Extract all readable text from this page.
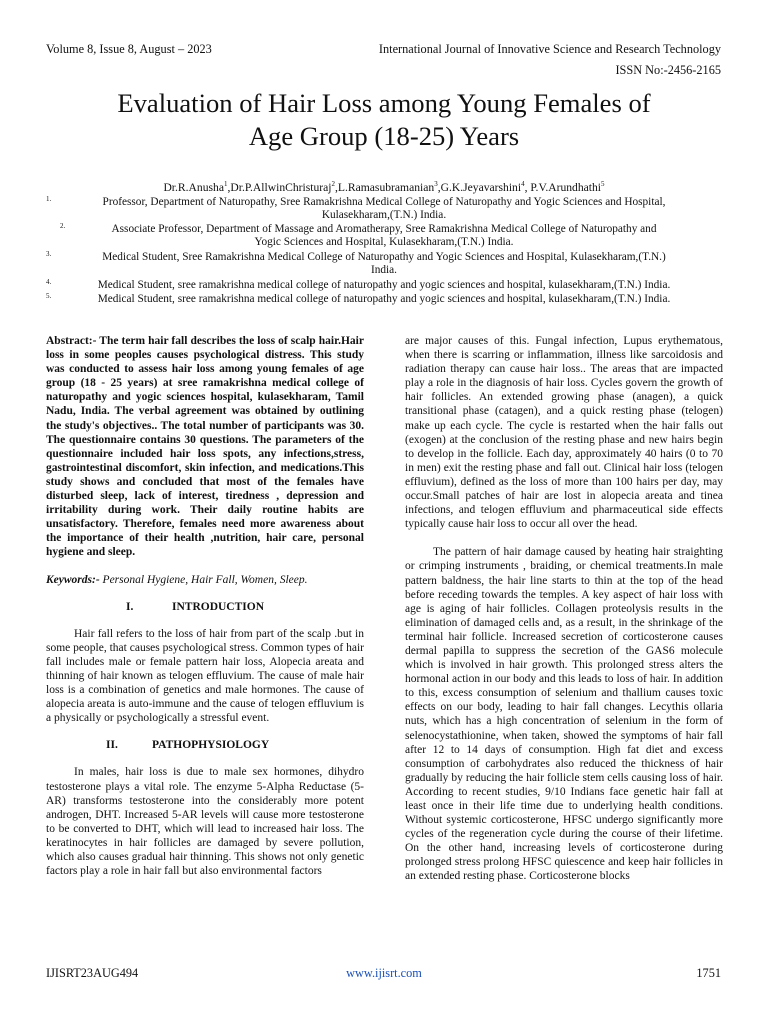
Volume 8, Issue 8, August – 2023	International Journal of Innovative Science and Research Technology
ISSN No:-2456-2165
Evaluation of Hair Loss among Young Females of
Age Group (18-25) Years
Dr.R.Anusha$^1$,Dr.P.AllwinChristuraj$^2$,L.Ramasubramanian$^3$,G.K.Jeyavarshini$^4$, P.V.Arundhathi$^5$
1.	Professor, Department of Naturopathy, Sree Ramakrishna Medical College of Naturopathy and Yogic Sciences and Hospital,
Kulasekharam,(T.N.) India.
2.	Associate Professor, Department of Massage and Aromatherapy, Sree Ramakrishna Medical College of Naturopathy and
Yogic Sciences and Hospital, Kulasekharam,(T.N.) India.
3.	Medical Student, Sree Ramakrishna Medical College of Naturopathy and Yogic Sciences and Hospital, Kulasekharam,(T.N.)
India.
4.	Medical Student, sree ramakrishna medical college of naturopathy and yogic sciences and hospital, kulasekharam,(T.N.) India.
5.	Medical Student, sree ramakrishna medical college of naturopathy and yogic sciences and hospital, kulasekharam,(T.N.) India.

Abstract:- The term hair fall describes the loss of scalp hair.Hair loss in some peoples causes psychological distress. This study was conducted to assess hair loss among young females of age group (18 - 25 years) at sree ramakrishna medical college of naturopathy and yogic sciences hospital, kulasekharam, Tamil Nadu, India. The verbal agreement was obtained by outlining the study's objectives.. The total number of participants was 30. The questionnaire contains 30 questions. The parameters of the questionnaire included hair loss spots, any infections,stress, gastrointestinal discomfort, skin infection, and medications.This study shows and concluded that most of the females have disturbed sleep, lack of interest, tiredness , depression and irritability during work. Their daily routine habits are unsatisfactory. Therefore, females need more awareness about the importance of their health ,nutrition, hair care, personal hygiene and sleep.

Keywords:- Personal Hygiene, Hair Fall, Women, Sleep.

I.	INTRODUCTION

Hair fall refers to the loss of hair from part of the scalp .but in some people, that causes psychological stress. Common types of hair fall includes male or female pattern hair loss, Alopecia areata and thinning of hair known as telogen effluvium. The cause of male hair loss is a combination of genetics and male hormones. The cause of alopecia areata is auto-immune and the cause of telogen effluvium is a physically or psychologically a stressful event.

II.	PATHOPHYSIOLOGY

In males, hair loss is due to male sex hormones, dihydro testosterone plays a vital role. The enzyme 5-Alpha Reductase (5-AR) transforms testosterone into the considerably more potent androgen, DHT. Increased 5-AR levels will cause more testosterone to be converted to DHT, which will lead to increased hair loss. The keratinocytes in hair follicles are damaged by severe pollution, which also causes gradual hair thinning. This shows not only genetic factors play a role in hair fall but also environmental factors

are major causes of this. Fungal infection, Lupus erythematous, when there is scarring or inflammation, illness like sarcoidosis and radiation therapy can cause hair loss.. The areas that are impacted play a role in the diagnosis of hair loss. Cycles govern the growth of hair follicles. An extended growing phase (anagen), a quick transitional phase (catagen), and a quick resting phase (telogen) make up each cycle. The cycle is restarted when the hair falls out (exogen) at the conclusion of the resting phase and new hairs begin to develop in the follicle. Each day, approximately 40 hairs (0 to 70 in men) exit the resting phase and fall out. Clinical hair loss (telogen effluvium), defined as the loss of more than 100 hairs per day, may occur.Small patches of hair are lost in alopecia areata and tinea infections, and telogen effluvium and pharmaceutical side effects typically cause hair loss to occur all over the head.

The pattern of hair damage caused by heating hair straighting or crimping instruments , braiding, or chemical treatments.In male pattern baldness, the hair line starts to thin at the top of the head before receding towards the temples. A key aspect of hair loss with age is aging of hair follicles. Collagen proteolysis results in the elimination of damaged cells and, as a result, in the shrinkage of the terminal hair follicle. Increased secretion of corticosterone causes dermal papilla to suppress the secretion of the GAS6 molecule which is involved in hair growth. This prolonged stress alters the hormonal action in our body and this leads to loss of hair. In addition to this, excess consumption of selenium and thallium causes toxic effects on our body, leading to hair fall changes. Lecythis ollaria nuts, which has a high concentration of selenium in the form of selenocystathionine, when taken, showed the symptoms of hair fall after 12 to 14 days of consumption. High fat diet and excess consumption of carbohydrates also reduced the thickness of hair gradually by reducing the hair follicle stem cells causing loss of hair. According to recent studies, 9/10 Indians face genetic hair fall at least once in their life time due to underlying health conditions. Without systemic corticosterone, HFSC undergo significantly more cycles of the regeneration cycle during the course of their lifetime. On the other hand, increasing levels of corticosterone during prolonged stress prolong HFSC quiescence and keep hair follicles in an extended resting phase. Corticosterone blocks

IJISRT23AUG494	www.ijisrt.com	1751
